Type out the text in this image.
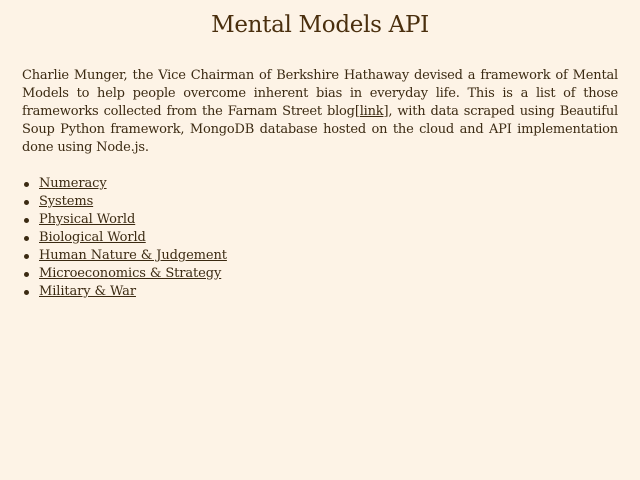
Mental Models API

Charlie Munger, the Vice Chairman of Berkshire Hathaway devised a framework of Mental Models to help people overcome inherent bias in everyday life. This is a list of those frameworks collected from the Farnam Street blog[link], with data scraped using Beautiful Soup Python framework, MongoDB database hosted on the cloud and API implementation done using Node.js.

Numeracy
Systems
Physical World
Biological World
Human Nature & Judgement
Microeconomics & Strategy
Military & War
